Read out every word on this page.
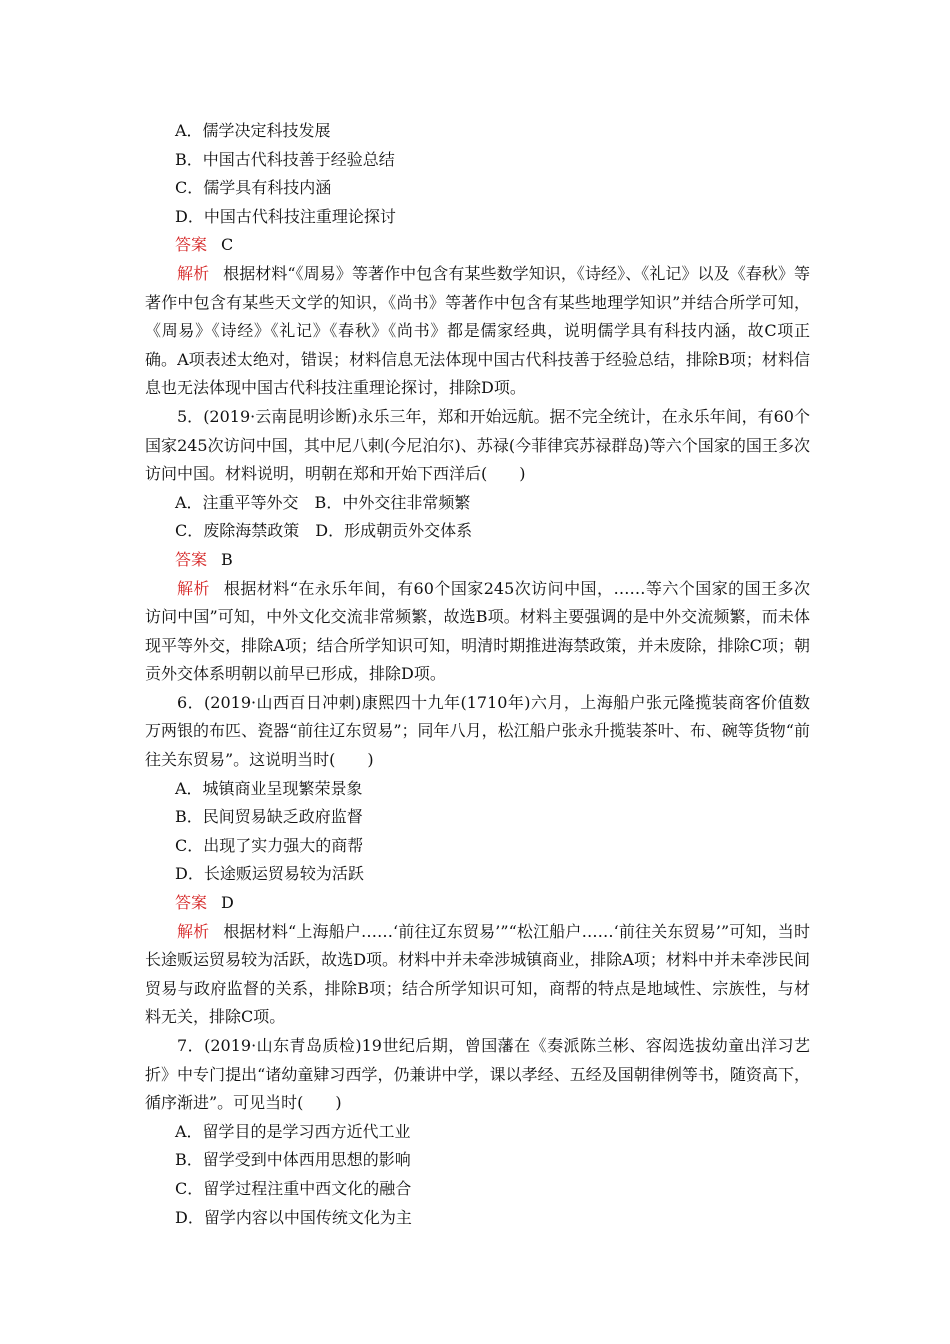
A．儒学决定科技发展
B．中国古代科技善于经验总结
C．儒学具有科技内涵
D．中国古代科技注重理论探讨
答案 C
解析 根据材料“《周易》等著作中包含有某些数学知识，《诗经》、《礼记》以及《春秋》等著作中包含有某些天文学的知识，《尚书》等著作中包含有某些地理学知识”并结合所学可知，《周易》《诗经》《礼记》《春秋》《尚书》都是儒家经典，说明儒学具有科技内涵，故C项正确。A项表述太绝对，错误；材料信息无法体现中国古代科技善于经验总结，排除B项；材料信息也无法体现中国古代科技注重理论探讨，排除D项。
5．(2019·云南昆明诊断)永乐三年，郑和开始远航。据不完全统计，在永乐年间，有60个国家245次访问中国，其中尼八剌(今尼泊尔)、苏禄(今菲律宾苏禄群岛)等六个国家的国王多次访问中国。材料说明，明朝在郑和开始下西洋后(　　)
A．注重平等外交　B．中外交往非常频繁
C．废除海禁政策　D．形成朝贡外交体系
答案 B
解析 根据材料“在永乐年间，有60个国家245次访问中国，……等六个国家的国王多次访问中国”可知，中外文化交流非常频繁，故选B项。材料主要强调的是中外交流频繁，而未体现平等外交，排除A项；结合所学知识可知，明清时期推进海禁政策，并未废除，排除C项；朝贡外交体系明朝以前早已形成，排除D项。
6．(2019·山西百日冲刺)康熙四十九年(1710年)六月，上海船户张元隆揽装商客价值数万两银的布匹、瓷器“前往辽东贸易”；同年八月，松江船户张永升揽装茶叶、布、碗等货物“前往关东贸易”。这说明当时(　　)
A．城镇商业呈现繁荣景象
B．民间贸易缺乏政府监督
C．出现了实力强大的商帮
D．长途贩运贸易较为活跃
答案 D
解析 根据材料“上海船户……‘前往辽东贸易’”“松江船户……‘前往关东贸易’”可知，当时长途贩运贸易较为活跃，故选D项。材料中并未牵涉城镇商业，排除A项；材料中并未牵涉民间贸易与政府监督的关系，排除B项；结合所学知识可知，商帮的特点是地域性、宗族性，与材料无关，排除C项。
7．(2019·山东青岛质检)19世纪后期，曾国藩在《奏派陈兰彬、容闳选拔幼童出洋习艺折》中专门提出“诸幼童肄习西学，仍兼讲中学，课以孝经、五经及国朝律例等书，随资高下，循序渐进”。可见当时(　　)
A．留学目的是学习西方近代工业
B．留学受到中体西用思想的影响
C．留学过程注重中西文化的融合
D．留学内容以中国传统文化为主
